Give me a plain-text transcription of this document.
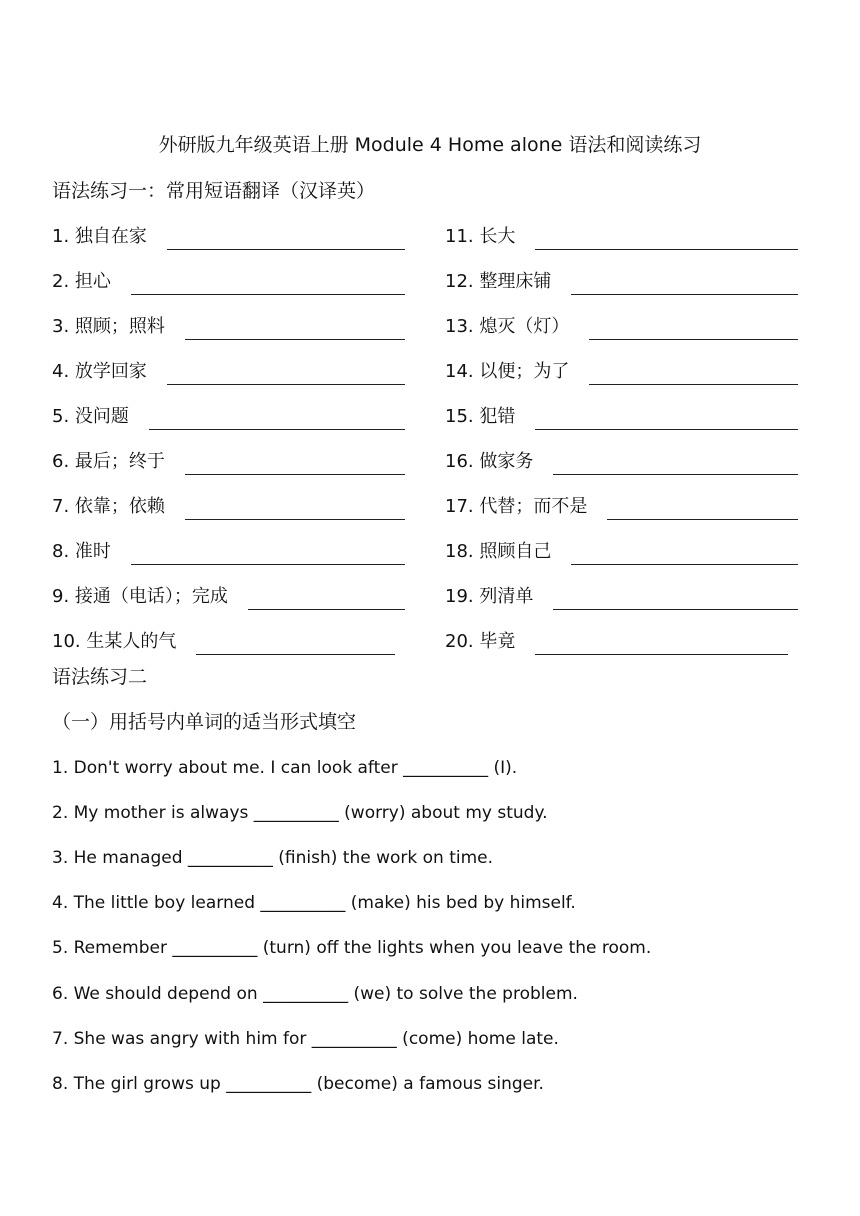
外研版九年级英语上册 Module 4 Home alone 语法和阅读练习
语法练习一：常用短语翻译（汉译英）
1. 独自在家
2. 担心
3. 照顾；照料
4. 放学回家
5. 没问题
6. 最后；终于
7. 依靠；依赖
8. 准时
9. 接通（电话）；完成
10. 生某人的气
11. 长大
12. 整理床铺
13. 熄灭（灯）
14. 以便；为了
15. 犯错
16. 做家务
17. 代替；而不是
18. 照顾自己
19. 列清单
20. 毕竟
语法练习二
（一）用括号内单词的适当形式填空
1. Don't worry about me. I can look after __________ (I).
2. My mother is always __________ (worry) about my study.
3. He managed __________ (finish) the work on time.
4. The little boy learned __________ (make) his bed by himself.
5. Remember __________ (turn) off the lights when you leave the room.
6. We should depend on __________ (we) to solve the problem.
7. She was angry with him for __________ (come) home late.
8. The girl grows up __________ (become) a famous singer.
